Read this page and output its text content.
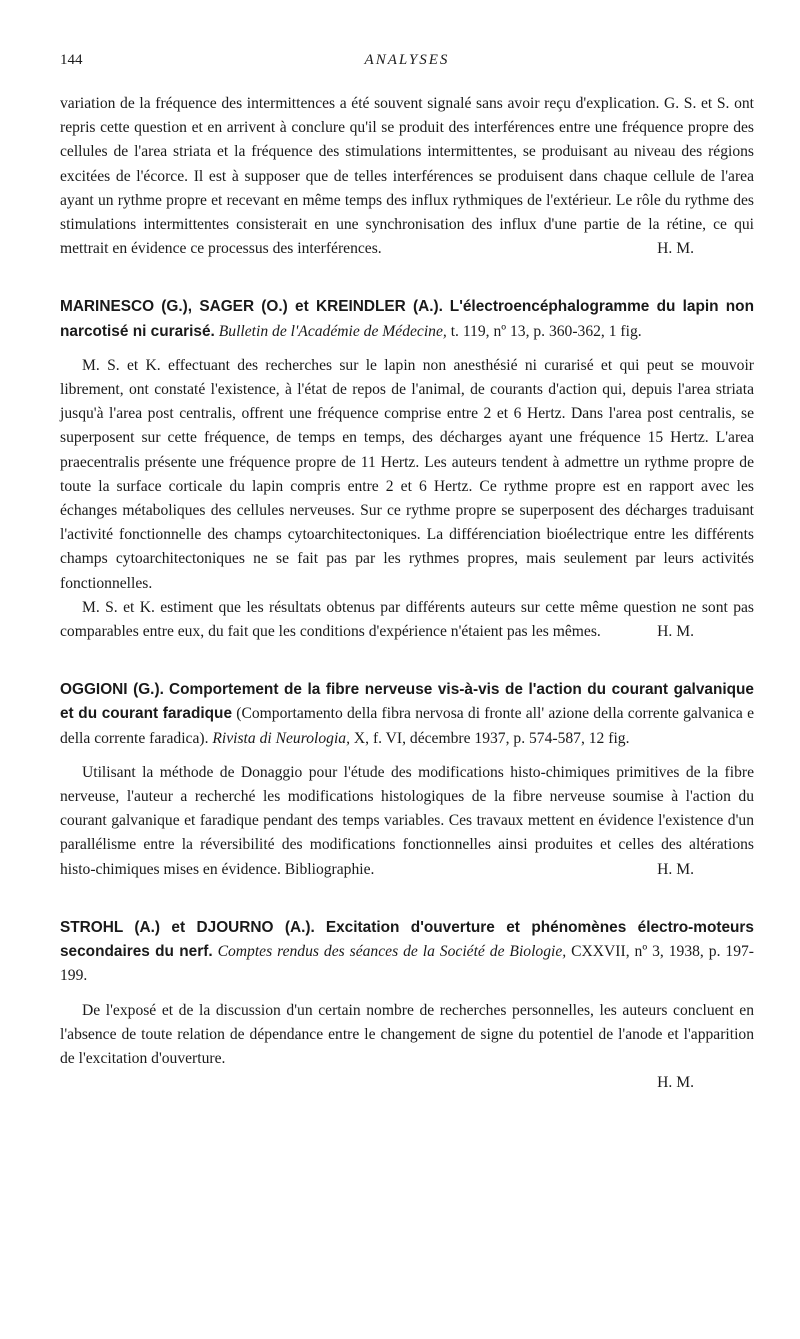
144	ANALYSES

variation de la fréquence des intermittences a été souvent signalé sans avoir reçu d'explication. G. S. et S. ont repris cette question et en arrivent à conclure qu'il se produit des interférences entre une fréquence propre des cellules de l'area striata et la fréquence des stimulations intermittentes, se produisant au niveau des régions excitées de l'écorce. Il est à supposer que de telles interférences se produisent dans chaque cellule de l'area ayant un rythme propre et recevant en même temps des influx rythmiques de l'extérieur. Le rôle du rythme des stimulations intermittentes consisterait en une synchronisation des influx d'une partie de la rétine, ce qui mettrait en évidence ce processus des interférences.	H. M.

MARINESCO (G.), SAGER (O.) et KREINDLER (A.). L'électroencéphalogramme du lapin non narcotisé ni curarisé. Bulletin de l'Académie de Médecine, t. 119, nº 13, p. 360-362, 1 fig.

M. S. et K. effectuant des recherches sur le lapin non anesthésié ni curarisé et qui peut se mouvoir librement, ont constaté l'existence, à l'état de repos de l'animal, de courants d'action qui, depuis l'area striata jusqu'à l'area post centralis, offrent une fréquence comprise entre 2 et 6 Hertz. Dans l'area post centralis, se superposent sur cette fréquence, de temps en temps, des décharges ayant une fréquence 15 Hertz. L'area praecentralis présente une fréquence propre de 11 Hertz. Les auteurs tendent à admettre un rythme propre de toute la surface corticale du lapin compris entre 2 et 6 Hertz. Ce rythme propre est en rapport avec les échanges métaboliques des cellules nerveuses. Sur ce rythme propre se superposent des décharges traduisant l'activité fonctionnelle des champs cytoarchitectoniques. La différenciation bioélectrique entre les différents champs cytoarchitectoniques ne se fait pas par les rythmes propres, mais seulement par leurs activités fonctionnelles.

M. S. et K. estiment que les résultats obtenus par différents auteurs sur cette même question ne sont pas comparables entre eux, du fait que les conditions d'expérience n'étaient pas les mêmes.	H. M.

OGGIONI (G.). Comportement de la fibre nerveuse vis-à-vis de l'action du courant galvanique et du courant faradique (Comportamento della fibra nervosa di fronte all' azione della corrente galvanica e della corrente faradica). Rivista di Neurologia, X, f. VI, décembre 1937, p. 574-587, 12 fig.

Utilisant la méthode de Donaggio pour l'étude des modifications histo-chimiques primitives de la fibre nerveuse, l'auteur a recherché les modifications histologiques de la fibre nerveuse soumise à l'action du courant galvanique et faradique pendant des temps variables. Ces travaux mettent en évidence l'existence d'un parallélisme entre la réversibilité des modifications fonctionnelles ainsi produites et celles des altérations histo-chimiques mises en évidence. Bibliographie.	H. M.

STROHL (A.) et DJOURNO (A.). Excitation d'ouverture et phénomènes électro-moteurs secondaires du nerf. Comptes rendus des séances de la Société de Biologie, CXXVII, nº 3, 1938, p. 197-199.

De l'exposé et de la discussion d'un certain nombre de recherches personnelles, les auteurs concluent en l'absence de toute relation de dépendance entre le changement de signe du potentiel de l'anode et l'apparition de l'excitation d'ouverture.

H. M.
